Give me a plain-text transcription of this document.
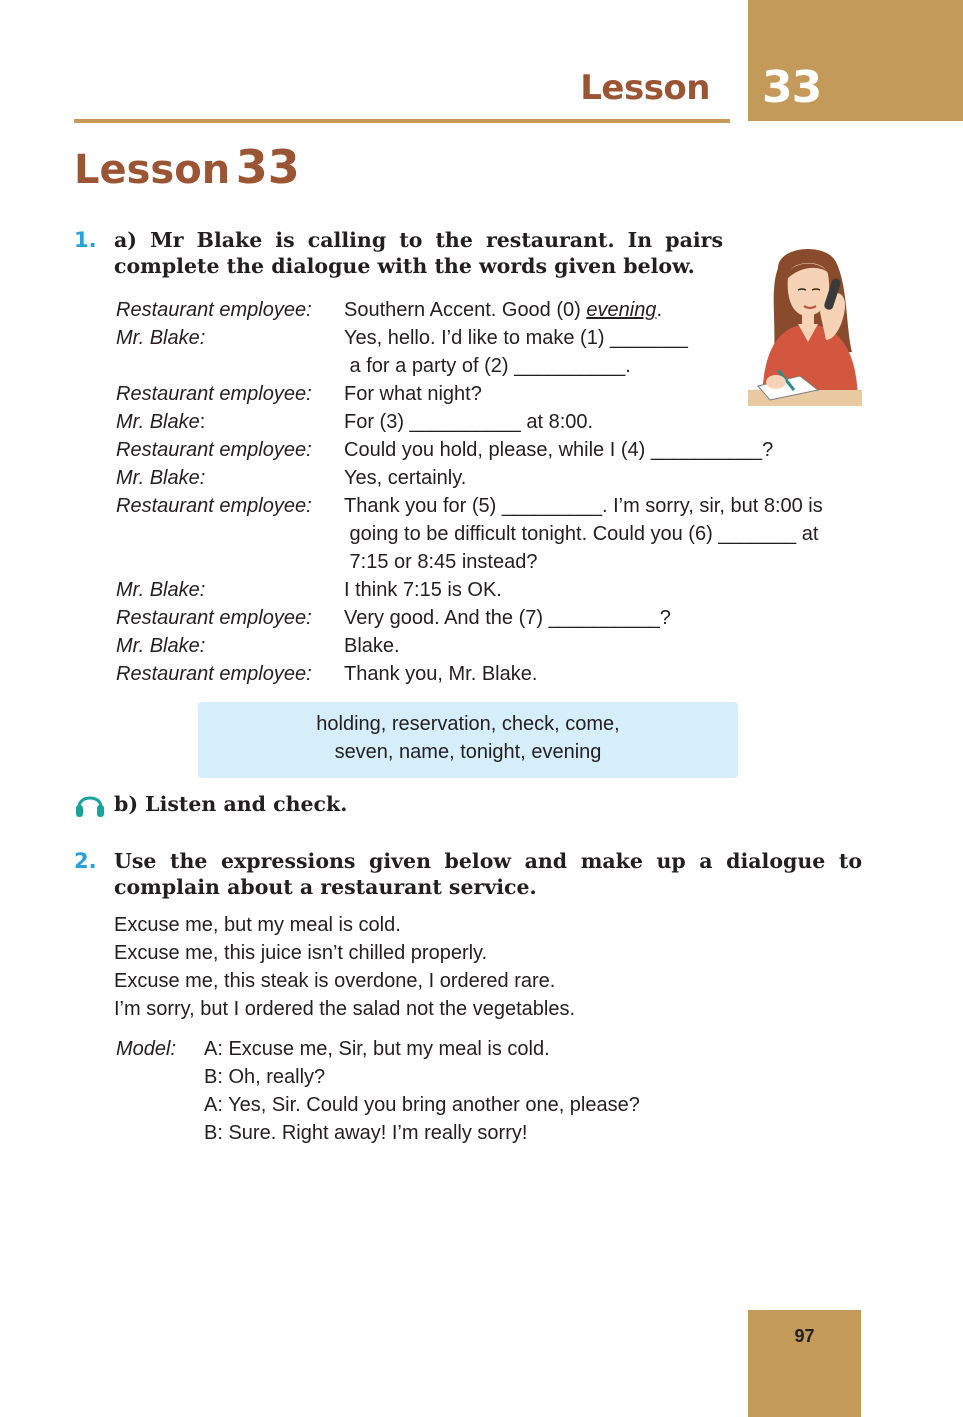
Lesson 33
Lesson 33
1. a) Mr Blake is calling to the restaurant. In pairs complete the dialogue with the words given below.
Restaurant employee:	Southern Accent. Good (0) evening.
Mr. Blake:	Yes, hello. I’d like to make (1) _______
a for a party of (2) __________.
Restaurant employee:	For what night?
Mr. Blake:	For (3) __________ at 8:00.
Restaurant employee:	Could you hold, please, while I (4) __________?
Mr. Blake:	Yes, certainly.
Restaurant employee:	Thank you for (5) _________. I’m sorry, sir, but 8:00 is
going to be difficult tonight. Could you (6) _______ at
7:15 or 8:45 instead?
Mr. Blake:	I think 7:15 is OK.
Restaurant employee:	Very good. And the (7) __________?
Mr. Blake:	Blake.
Restaurant employee:	Thank you, Mr. Blake.
holding, reservation, check, come,
seven, name, tonight, evening
b) Listen and check.
2. Use the expressions given below and make up a dialogue to complain about a restaurant service.
Excuse me, but my meal is cold.
Excuse me, this juice isn’t chilled properly.
Excuse me, this steak is overdone, I ordered rare.
I’m sorry, but I ordered the salad not the vegetables.
Model: A: Excuse me, Sir, but my meal is cold.
B: Oh, really?
A: Yes, Sir. Could you bring another one, please?
B: Sure. Right away! I’m really sorry!
97
